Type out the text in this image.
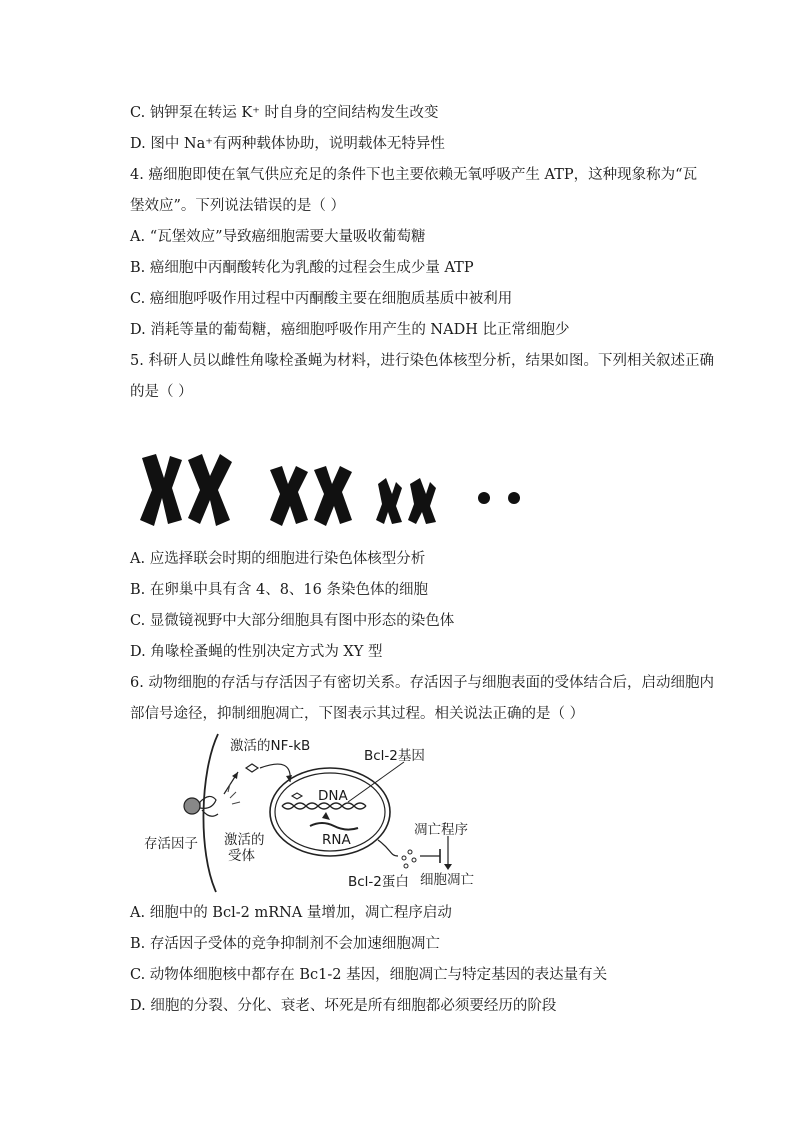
C. 钠钾泵在转运 K⁺ 时自身的空间结构发生改变
D. 图中 Na⁺有两种载体协助，说明载体无特异性
4. 癌细胞即使在氧气供应充足的条件下也主要依赖无氧呼吸产生 ATP，这种现象称为“瓦
堡效应”。下列说法错误的是（ ）
A. “瓦堡效应”导致癌细胞需要大量吸收葡萄糖
B. 癌细胞中丙酮酸转化为乳酸的过程会生成少量 ATP
C. 癌细胞呼吸作用过程中丙酮酸主要在细胞质基质中被利用
D. 消耗等量的葡萄糖，癌细胞呼吸作用产生的 NADH 比正常细胞少
5. 科研人员以雌性角喙栓蚤蝇为材料，进行染色体核型分析，结果如图。下列相关叙述正确
的是（ ）
A. 应选择联会时期的细胞进行染色体核型分析
B. 在卵巢中具有含 4、8、16 条染色体的细胞
C. 显微镜视野中大部分细胞具有图中形态的染色体
D. 角喙栓蚤蝇的性别决定方式为 XY 型
6. 动物细胞的存活与存活因子有密切关系。存活因子与细胞表面的受体结合后，启动细胞内
部信号途径，抑制细胞凋亡，下图表示其过程。相关说法正确的是（ ）
激活的NF-kB
Bcl-2基因
DNA
RNA
存活因子 激活的
受体
凋亡程序
Bcl-2蛋白 细胞凋亡
A. 细胞中的 Bcl-2 mRNA 量增加，凋亡程序启动
B. 存活因子受体的竞争抑制剂不会加速细胞凋亡
C. 动物体细胞核中都存在 Bc1-2 基因，细胞凋亡与特定基因的表达量有关
D. 细胞的分裂、分化、衰老、坏死是所有细胞都必须要经历的阶段
